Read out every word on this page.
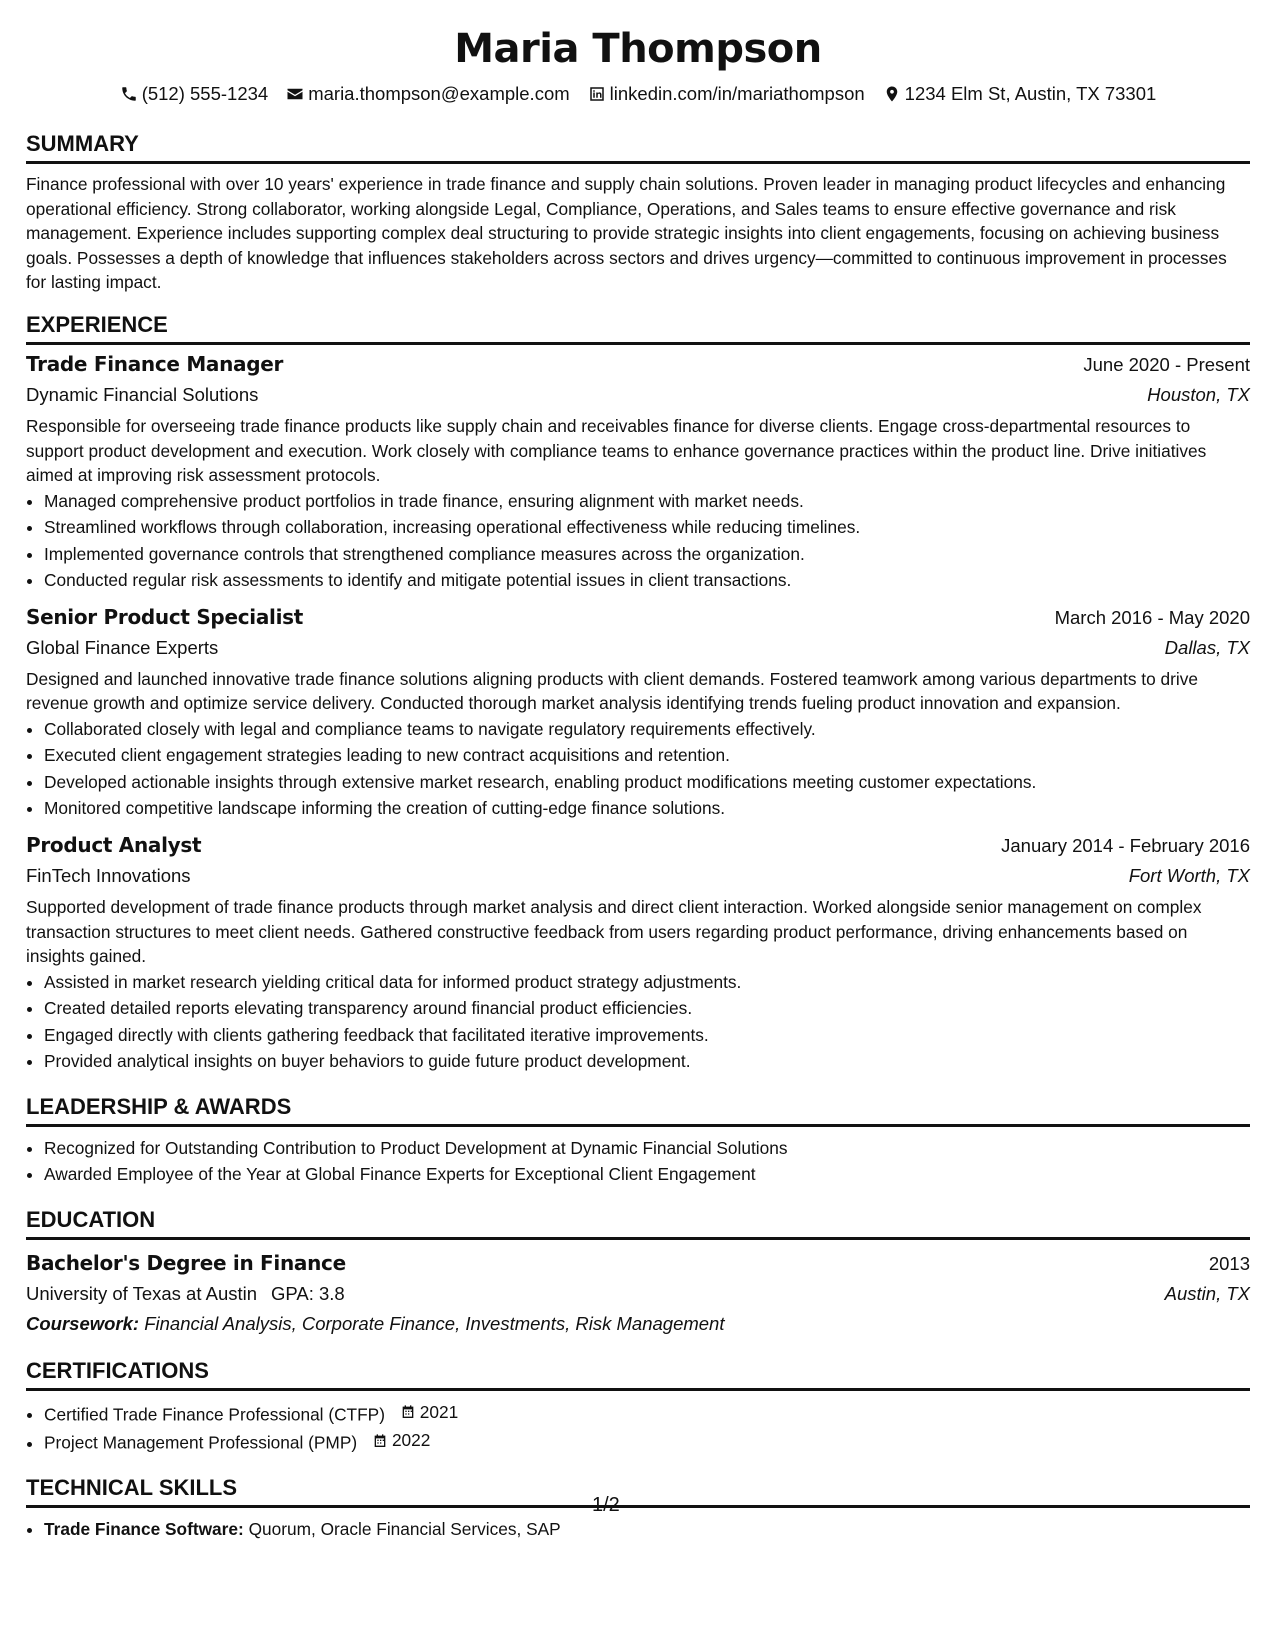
Maria Thompson
(512) 555-1234 maria.thompson@example.com linkedin.com/in/mariathompson 1234 Elm St, Austin, TX 73301
SUMMARY

Finance professional with over 10 years' experience in trade finance and supply chain solutions. Proven leader in managing product lifecycles and enhancing operational efficiency. Strong collaborator, working alongside Legal, Compliance, Operations, and Sales teams to ensure effective governance and risk management. Experience includes supporting complex deal structuring to provide strategic insights into client engagements, focusing on achieving business goals. Possesses a depth of knowledge that influences stakeholders across sectors and drives urgency—committed to continuous improvement in processes for lasting impact.

EXPERIENCE
Trade Finance Manager	June 2020 - Present
Dynamic Financial Solutions	Houston, TX

Responsible for overseeing trade finance products like supply chain and receivables finance for diverse clients. Engage cross-departmental resources to support product development and execution. Work closely with compliance teams to enhance governance practices within the product line. Drive initiatives aimed at improving risk assessment protocols.

• Managed comprehensive product portfolios in trade finance, ensuring alignment with market needs.
• Streamlined workflows through collaboration, increasing operational effectiveness while reducing timelines.
• Implemented governance controls that strengthened compliance measures across the organization.
• Conducted regular risk assessments to identify and mitigate potential issues in client transactions.
Senior Product Specialist	March 2016 - May 2020
Global Finance Experts	Dallas, TX

Designed and launched innovative trade finance solutions aligning products with client demands. Fostered teamwork among various departments to drive revenue growth and optimize service delivery. Conducted thorough market analysis identifying trends fueling product innovation and expansion.

• Collaborated closely with legal and compliance teams to navigate regulatory requirements effectively.
• Executed client engagement strategies leading to new contract acquisitions and retention.
• Developed actionable insights through extensive market research, enabling product modifications meeting customer expectations.
• Monitored competitive landscape informing the creation of cutting-edge finance solutions.
Product Analyst	January 2014 - February 2016
FinTech Innovations	Fort Worth, TX

Supported development of trade finance products through market analysis and direct client interaction. Worked alongside senior management on complex transaction structures to meet client needs. Gathered constructive feedback from users regarding product performance, driving enhancements based on insights gained.

• Assisted in market research yielding critical data for informed product strategy adjustments.
• Created detailed reports elevating transparency around financial product efficiencies.
• Engaged directly with clients gathering feedback that facilitated iterative improvements.
• Provided analytical insights on buyer behaviors to guide future product development.
LEADERSHIP & AWARDS
• Recognized for Outstanding Contribution to Product Development at Dynamic Financial Solutions
• Awarded Employee of the Year at Global Finance Experts for Exceptional Client Engagement
EDUCATION
Bachelor's Degree in Finance	2013
University of Texas at Austin GPA: 3.8	Austin, TX
Coursework: Financial Analysis, Corporate Finance, Investments, Risk Management
CERTIFICATIONS
• Certified Trade Finance Professional (CTFP) 2021
• Project Management Professional (PMP) 2022
TECHNICAL SKILLS
• Trade Finance Software: Quorum, Oracle Financial Services, SAP
1/2
